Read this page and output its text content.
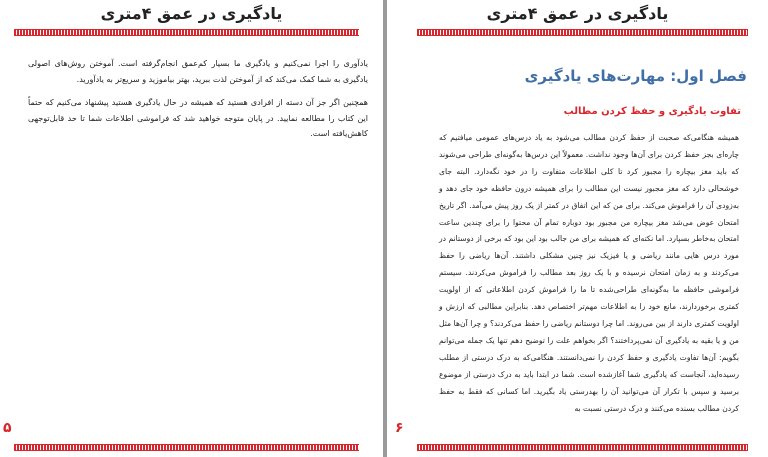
یادگیری در عمق ۴متری

یادآوری را اجرا نمی‌کنیم و یادگیری ما بسیار کم‌عمق انجام‌گرفته است. آموختن روش‌های اصولی یادگیری به شما کمک می‌کند که از آموختن لذت ببرید، بهتر بیاموزید و سریع‌تر به یادآورید.

همچنین اگر جز آن دسته از افرادی هستید که همیشه در حال یادگیری هستید پیشنهاد می‌کنیم که حتماً این کتاب را مطالعه نمایید. در پایان متوجه خواهید شد که فراموشی اطلاعات شما تا حد قابل‌توجهی کاهش‌یافته است.

۵
یادگیری در عمق ۴متری
فصل اول: مهارت‌های یادگیری
تفاوت یادگیری و حفظ کردن مطالب

همیشه هنگامی‌که صحبت از حفظ کردن مطالب می‌شود به یاد درس‌های عمومی میافتیم که چاره‌ای بجز حفظ کردن برای آن‌ها وجود نداشت. معمولاً این درس‌ها به‌گونه‌ای طراحی می‌شوند که باید مغز بیچاره را مجبور کرد تا کلی اطلاعات متفاوت را در خود نگه‌دارد. البته جای خوشحالی دارد که مغز مجبور نیست این مطالب را برای همیشه درون حافظه خود جای دهد و به‌زودی آن را فراموش می‌کند. برای من که این اتفاق در کمتر از یک روز پیش می‌آمد. اگر تاریخ امتحان عوض می‌شد مغز بیچاره من مجبور بود دوباره تمام آن محتوا را برای چندین ساعت امتحان به‌خاطر بسپارد. اما نکته‌ای که همیشه برای من جالب بود این بود که برخی از دوستانم در مورد درس هایی مانند ریاضی و یا فیزیک نیز چنین مشکلی داشتند. آن‌ها ریاضی را حفظ می‌کردند و به زمان امتحان نرسیده و با یک روز بعد مطالب را فراموش می‌کردند. سیستم فراموشی حافظه ما به‌گونه‌ای طراحی‌شده تا ما را فراموش کردن اطلاعاتی که از اولویت کمتری برخوردارند، مانع خود را به اطلاعات مهم‌تر اختصاص دهد. بنابراین مطالبی که ارزش و اولویت کمتری دارند از بین می‌روند. اما چرا دوستانم ریاضی را حفظ می‌کردند؟ و چرا آن‌ها مثل من و یا بقیه به یادگیری آن نمی‌پرداختند؟ اگر بخواهم علت را توضیح دهم تنها یک جمله می‌توانم بگویم: آن‌ها تفاوت یادگیری و حفظ کردن را نمی‌دانستند. هنگامی‌که به درک درستی از مطلب رسیده‌اید، آنجاست که یادگیری شما آغازشده است. شما در ابتدا باید به درک درستی از موضوع برسید و سپس با تکرار آن می‌توانید آن را بهدرستی یاد بگیرید. اما کسانی که فقط به حفظ کردن مطالب بسنده می‌کنند و درک درستی نسبت به

۶
